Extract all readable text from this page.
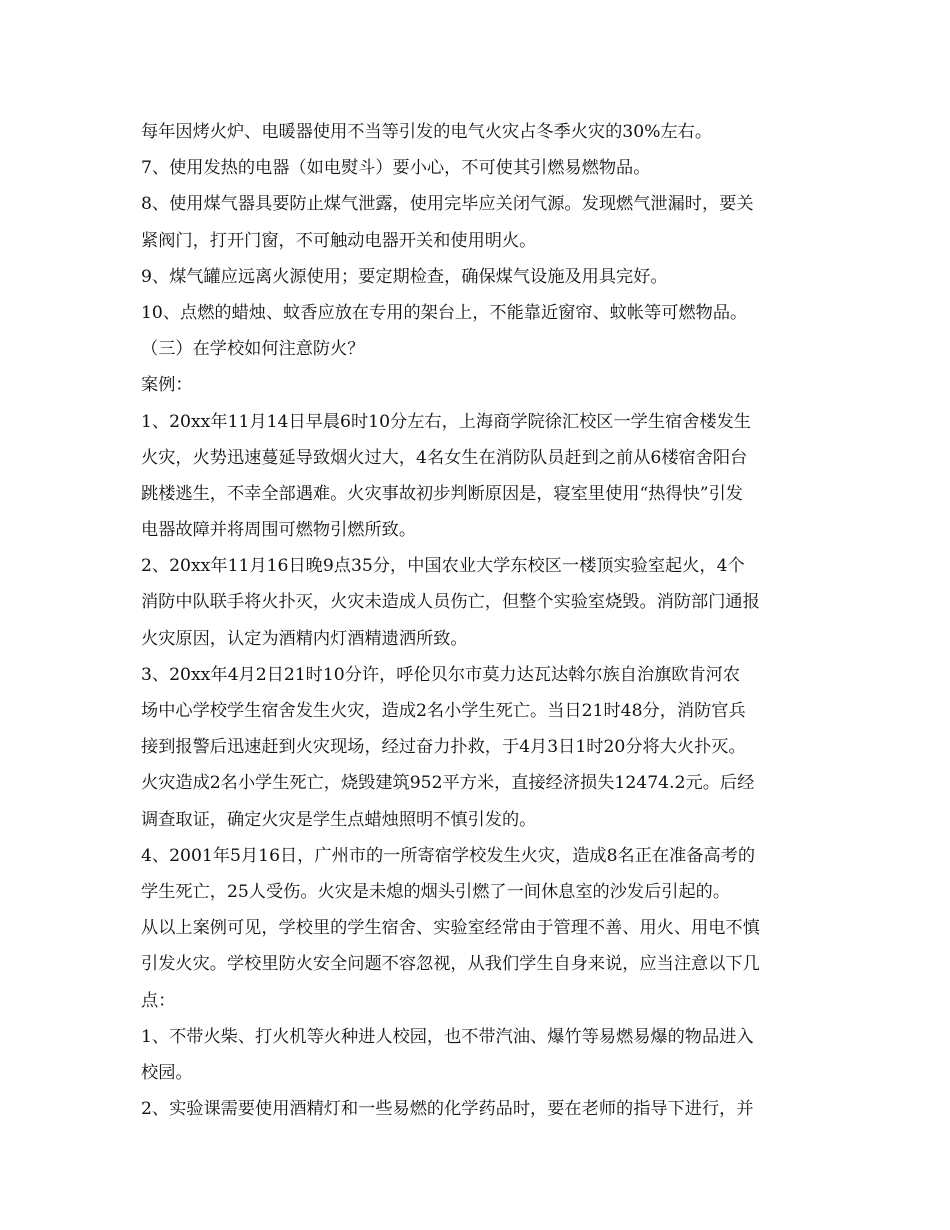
每年因烤火炉、电暖器使用不当等引发的电气火灾占冬季火灾的30%左右。
7、使用发热的电器（如电熨斗）要小心，不可使其引燃易燃物品。
8、使用煤气器具要防止煤气泄露，使用完毕应关闭气源。发现燃气泄漏时，要关
紧阀门，打开门窗，不可触动电器开关和使用明火。
9、煤气罐应远离火源使用；要定期检查，确保煤气设施及用具完好。
10、点燃的蜡烛、蚊香应放在专用的架台上，不能靠近窗帘、蚊帐等可燃物品。
（三）在学校如何注意防火？
案例：
1、20xx年11月14日早晨6时10分左右，上海商学院徐汇校区一学生宿舍楼发生
火灾，火势迅速蔓延导致烟火过大，4名女生在消防队员赶到之前从6楼宿舍阳台
跳楼逃生，不幸全部遇难。火灾事故初步判断原因是，寝室里使用“热得快”引发
电器故障并将周围可燃物引燃所致。
2、20xx年11月16日晚9点35分，中国农业大学东校区一楼顶实验室起火，4个
消防中队联手将火扑灭，火灾未造成人员伤亡，但整个实验室烧毁。消防部门通报
火灾原因，认定为酒精内灯酒精遗洒所致。
3、20xx年4月2日21时10分许，呼伦贝尔市莫力达瓦达斡尔族自治旗欧肯河农
场中心学校学生宿舍发生火灾，造成2名小学生死亡。当日21时48分，消防官兵
接到报警后迅速赶到火灾现场，经过奋力扑救，于4月3日1时20分将大火扑灭。
火灾造成2名小学生死亡，烧毁建筑952平方米，直接经济损失12474.2元。后经
调查取证，确定火灾是学生点蜡烛照明不慎引发的。
4、2001年5月16日，广州市的一所寄宿学校发生火灾，造成8名正在准备高考的
学生死亡，25人受伤。火灾是未熄的烟头引燃了一间休息室的沙发后引起的。
从以上案例可见，学校里的学生宿舍、实验室经常由于管理不善、用火、用电不慎
引发火灾。学校里防火安全问题不容忽视，从我们学生自身来说，应当注意以下几
点：
1、不带火柴、打火机等火种进人校园，也不带汽油、爆竹等易燃易爆的物品进入
校园。
2、实验课需要使用酒精灯和一些易燃的化学药品时，要在老师的指导下进行，并
